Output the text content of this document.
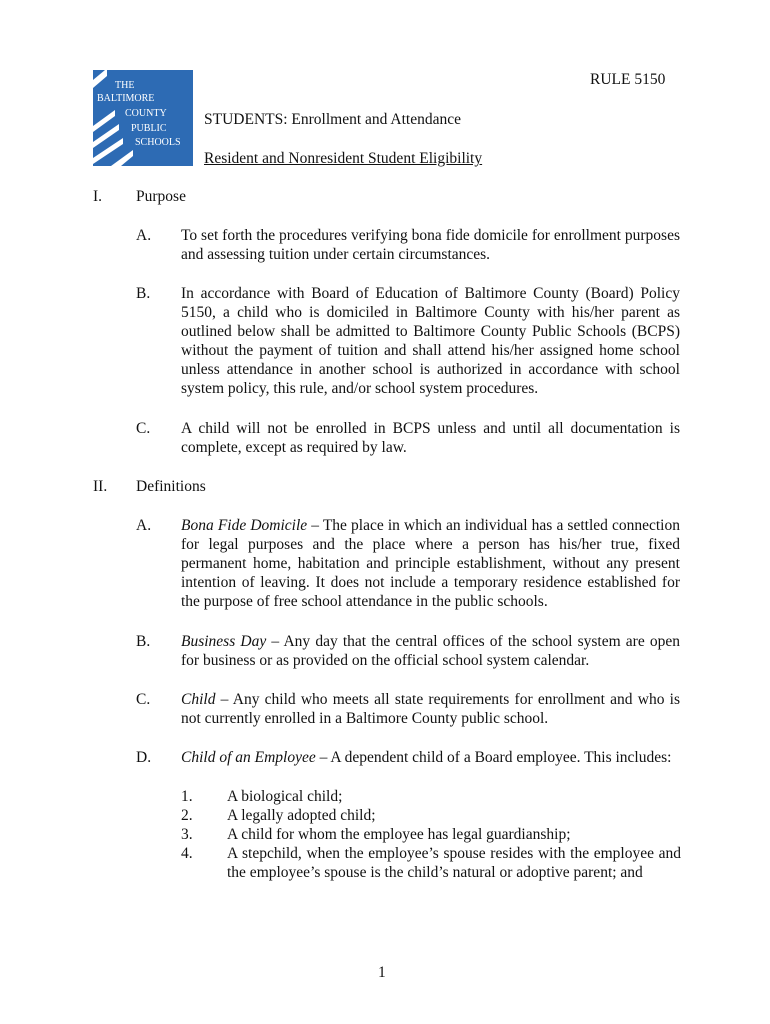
THE
BALTIMORE
COUNTY
PUBLIC
SCHOOLS
RULE 5150
STUDENTS: Enrollment and Attendance
Resident and Nonresident Student Eligibility
I.	Purpose
A. To set forth the procedures verifying bona fide domicile for enrollment purposes and assessing tuition under certain circumstances.

B. In accordance with Board of Education of Baltimore County (Board) Policy 5150, a child who is domiciled in Baltimore County with his/her parent as outlined below shall be admitted to Baltimore County Public Schools (BCPS) without the payment of tuition and shall attend his/her assigned home school unless attendance in another school is authorized in accordance with school system policy, this rule, and/or school system procedures.

C. A child will not be enrolled in BCPS unless and until all documentation is complete, except as required by law.

II.	Definitions
A. Bona Fide Domicile – The place in which an individual has a settled connection for legal purposes and the place where a person has his/her true, fixed permanent home, habitation and principle establishment, without any present intention of leaving. It does not include a temporary residence established for the purpose of free school attendance in the public schools.

B. Business Day – Any day that the central offices of the school system are open for business or as provided on the official school system calendar.

C. Child – Any child who meets all state requirements for enrollment and who is not currently enrolled in a Baltimore County public school.

D. Child of an Employee – A dependent child of a Board employee. This includes:

1. A biological child;
2. A legally adopted child;
3. A child for whom the employee has legal guardianship;
4. A stepchild, when the employee’s spouse resides with the employee and the employee’s spouse is the child’s natural or adoptive parent; and
1
